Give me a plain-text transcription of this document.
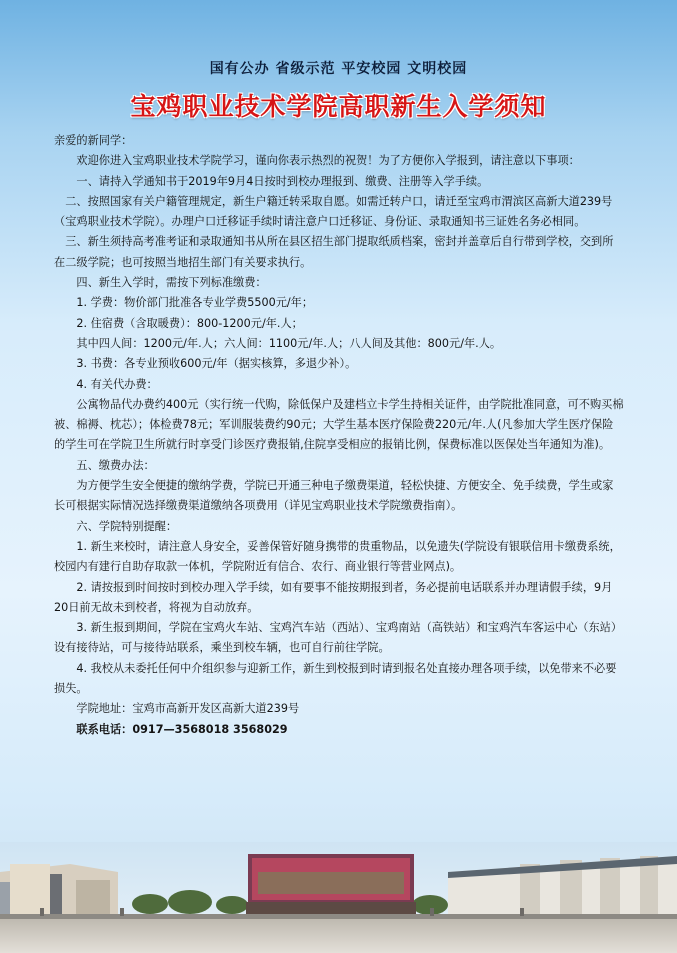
国有公办 省级示范 平安校园 文明校园
宝鸡职业技术学院高职新生入学须知

亲爱的新同学：

欢迎你进入宝鸡职业技术学院学习，谨向你表示热烈的祝贺！为了方便你入学报到，请注意以下事项：

一、请持入学通知书于2019年9月4日按时到校办理报到、缴费、注册等入学手续。

二、按照国家有关户籍管理规定，新生户籍迁转采取自愿。如需迁转户口，请迁至宝鸡市渭滨区高新大道239号（宝鸡职业技术学院）。办理户口迁移证手续时请注意户口迁移证、身份证、录取通知书三证姓名务必相同。

三、新生须持高考准考证和录取通知书从所在县区招生部门提取纸质档案，密封并盖章后自行带到学校，交到所在二级学院；也可按照当地招生部门有关要求执行。

四、新生入学时，需按下列标准缴费：

1. 学费：物价部门批准各专业学费5500元/年；

2. 住宿费（含取暖费）：800-1200元/年.人；

其中四人间：1200元/年.人；六人间：1100元/年.人；八人间及其他：800元/年.人。

3. 书费：各专业预收600元/年（据实核算，多退少补）。

4. 有关代办费：

公寓物品代办费约400元（实行统一代购，除低保户及建档立卡学生持相关证件，由学院批准同意，可不购买棉被、棉褥、枕芯）；体检费78元；军训服装费约90元；大学生基本医疗保险费220元/年.人(凡参加大学生医疗保险的学生可在学院卫生所就行时享受门诊医疗费报销,住院享受相应的报销比例，保费标准以医保处当年通知为准)。

五、缴费办法：

为方便学生安全便捷的缴纳学费，学院已开通三种电子缴费渠道，轻松快捷、方便安全、免手续费，学生或家长可根据实际情况选择缴费渠道缴纳各项费用（详见宝鸡职业技术学院缴费指南）。

六、学院特别提醒：

1. 新生来校时，请注意人身安全，妥善保管好随身携带的贵重物品，以免遗失(学院设有银联信用卡缴费系统，校园内有建行自助存取款一体机，学院附近有信合、农行、商业银行等营业网点)。

2. 请按报到时间按时到校办理入学手续，如有要事不能按期报到者，务必提前电话联系并办理请假手续，9月20日前无故未到校者，将视为自动放弃。

3. 新生报到期间，学院在宝鸡火车站、宝鸡汽车站（西站）、宝鸡南站（高铁站）和宝鸡汽车客运中心（东站）设有接待站，可与接待站联系，乘坐到校车辆，也可自行前往学院。

4. 我校从未委托任何中介组织参与迎新工作，新生到校报到时请到报名处直接办理各项手续，以免带来不必要损失。

学院地址：宝鸡市高新开发区高新大道239号

联系电话：0917—3568018 3568029
